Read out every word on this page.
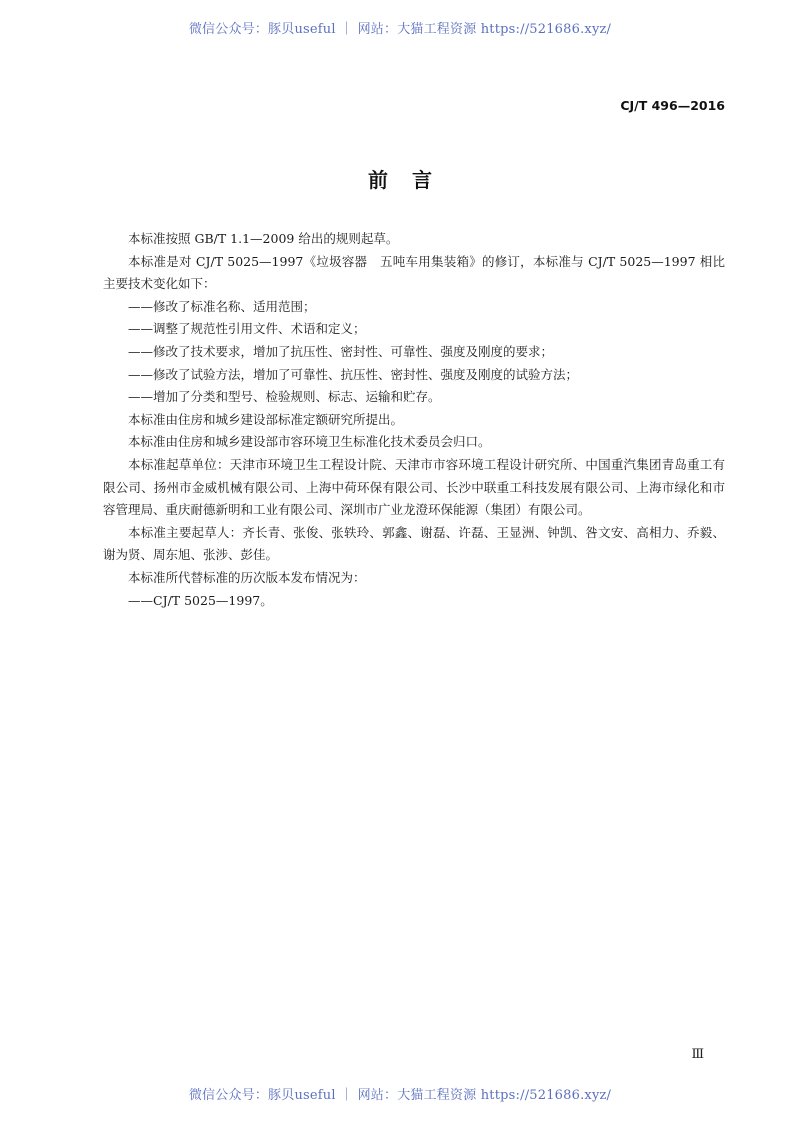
微信公众号：豚贝useful ｜ 网站：大猫工程资源 https://521686.xyz/
CJ/T 496—2016
前言

本标准按照 GB/T 1.1—2009 给出的规则起草。

本标准是对 CJ/T 5025—1997《垃圾容器　五吨车用集装箱》的修订，本标准与 CJ/T 5025—1997 相比主要技术变化如下：

——修改了标准名称、适用范围；

——调整了规范性引用文件、术语和定义；

——修改了技术要求，增加了抗压性、密封性、可靠性、强度及刚度的要求；

——修改了试验方法，增加了可靠性、抗压性、密封性、强度及刚度的试验方法；

——增加了分类和型号、检验规则、标志、运输和贮存。

本标准由住房和城乡建设部标准定额研究所提出。

本标准由住房和城乡建设部市容环境卫生标准化技术委员会归口。

本标准起草单位：天津市环境卫生工程设计院、天津市市容环境工程设计研究所、中国重汽集团青岛重工有限公司、扬州市金威机械有限公司、上海中荷环保有限公司、长沙中联重工科技发展有限公司、上海市绿化和市容管理局、重庆耐德新明和工业有限公司、深圳市广业龙澄环保能源（集团）有限公司。

本标准主要起草人：齐长青、张俊、张轶玲、郭鑫、谢磊、许磊、王显洲、钟凯、咎文安、高相力、乔毅、谢为贤、周东旭、张涉、彭佳。

本标准所代替标准的历次版本发布情况为：

——CJ/T 5025—1997。

Ⅲ
微信公众号：豚贝useful ｜ 网站：大猫工程资源 https://521686.xyz/
